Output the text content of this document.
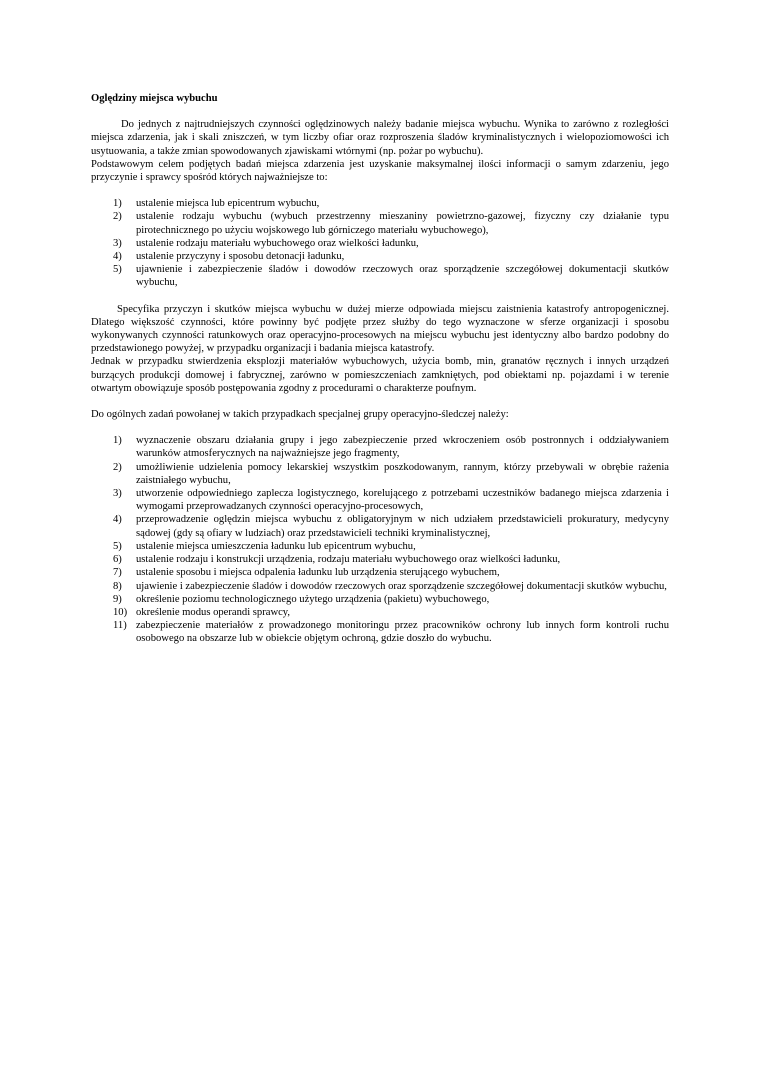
Oględziny miejsca wybuchu

Do jednych z najtrudniejszych czynności oględzinowych należy badanie miejsca wybuchu. Wynika to zarówno z rozległości miejsca zdarzenia, jak i skali zniszczeń, w tym liczby ofiar oraz rozproszenia śladów kryminalistycznych i wielopoziomowości ich usytuowania, a także zmian spowodowanych zjawiskami wtórnymi (np. pożar po wybuchu).

Podstawowym celem podjętych badań miejsca zdarzenia jest uzyskanie maksymalnej ilości informacji o samym zdarzeniu, jego przyczynie i sprawcy spośród których najważniejsze to:

1) ustalenie miejsca lub epicentrum wybuchu,
2) ustalenie rodzaju wybuchu (wybuch przestrzenny mieszaniny powietrzno-gazowej, fizyczny czy działanie typu pirotechnicznego po użyciu wojskowego lub górniczego materiału wybuchowego),
3) ustalenie rodzaju materiału wybuchowego oraz wielkości ładunku,
4) ustalenie przyczyny i sposobu detonacji ładunku,
5) ujawnienie i zabezpieczenie śladów i dowodów rzeczowych oraz sporządzenie szczegółowej dokumentacji skutków wybuchu,

Specyfika przyczyn i skutków miejsca wybuchu w dużej mierze odpowiada miejscu zaistnienia katastrofy antropogenicznej. Dlatego większość czynności, które powinny być podjęte przez służby do tego wyznaczone w sferze organizacji i sposobu wykonywanych czynności ratunkowych oraz operacyjno-procesowych na miejscu wybuchu jest identyczny albo bardzo podobny do przedstawionego powyżej, w przypadku organizacji i badania miejsca katastrofy.

Jednak w przypadku stwierdzenia eksplozji materiałów wybuchowych, użycia bomb, min, granatów ręcznych i innych urządzeń burzących produkcji domowej i fabrycznej, zarówno w pomieszczeniach zamkniętych, pod obiektami np. pojazdami i w terenie otwartym obowiązuje sposób postępowania zgodny z procedurami o charakterze poufnym.

Do ogólnych zadań powołanej w takich przypadkach specjalnej grupy operacyjno-śledczej należy:

1) wyznaczenie obszaru działania grupy i jego zabezpieczenie przed wkroczeniem osób postronnych i oddziaływaniem warunków atmosferycznych na najważniejsze jego fragmenty,
2) umożliwienie udzielenia pomocy lekarskiej wszystkim poszkodowanym, rannym, którzy przebywali w obrębie rażenia zaistniałego wybuchu,
3) utworzenie odpowiedniego zaplecza logistycznego, korelującego z potrzebami uczestników badanego miejsca zdarzenia i wymogami przeprowadzanych czynności operacyjno-procesowych,
4) przeprowadzenie oględzin miejsca wybuchu z obligatoryjnym w nich udziałem przedstawicieli prokuratury, medycyny sądowej (gdy są ofiary w ludziach) oraz przedstawicieli techniki kryminalistycznej,
5) ustalenie miejsca umieszczenia ładunku lub epicentrum wybuchu,
6) ustalenie rodzaju i konstrukcji urządzenia, rodzaju materiału wybuchowego oraz wielkości ładunku,
7) ustalenie sposobu i miejsca odpalenia ładunku lub urządzenia sterującego wybuchem,
8) ujawienie i zabezpieczenie śladów i dowodów rzeczowych oraz sporządzenie szczegółowej dokumentacji skutków wybuchu,
9) określenie poziomu technologicznego użytego urządzenia (pakietu) wybuchowego,
10) określenie modus operandi sprawcy,
11) zabezpieczenie materiałów z prowadzonego monitoringu przez pracowników ochrony lub innych form kontroli ruchu osobowego na obszarze lub w obiekcie objętym ochroną, gdzie doszło do wybuchu.
